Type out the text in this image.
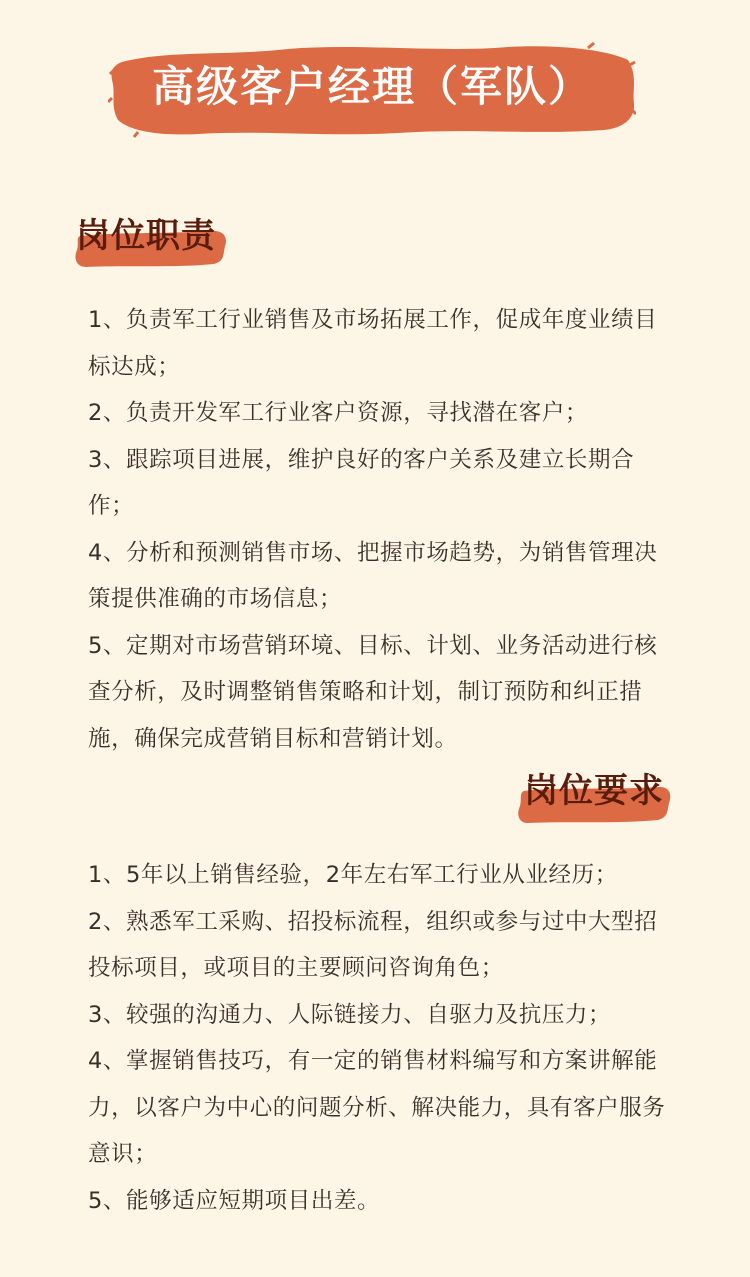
高级客户经理（军队）
岗位职责
1、负责军工行业销售及市场拓展工作，促成年度业绩目标达成；
2、负责开发军工行业客户资源，寻找潜在客户；
3、跟踪项目进展，维护良好的客户关系及建立长期合作；
4、分析和预测销售市场、把握市场趋势，为销售管理决策提供准确的市场信息；
5、定期对市场营销环境、目标、计划、业务活动进行核查分析，及时调整销售策略和计划，制订预防和纠正措施，确保完成营销目标和营销计划。
岗位要求
1、5年以上销售经验，2年左右军工行业从业经历；
2、熟悉军工采购、招投标流程，组织或参与过中大型招投标项目，或项目的主要顾问咨询角色；
3、较强的沟通力、人际链接力、自驱力及抗压力；
4、掌握销售技巧，有一定的销售材料编写和方案讲解能力，以客户为中心的问题分析、解决能力，具有客户服务意识；
5、能够适应短期项目出差。
